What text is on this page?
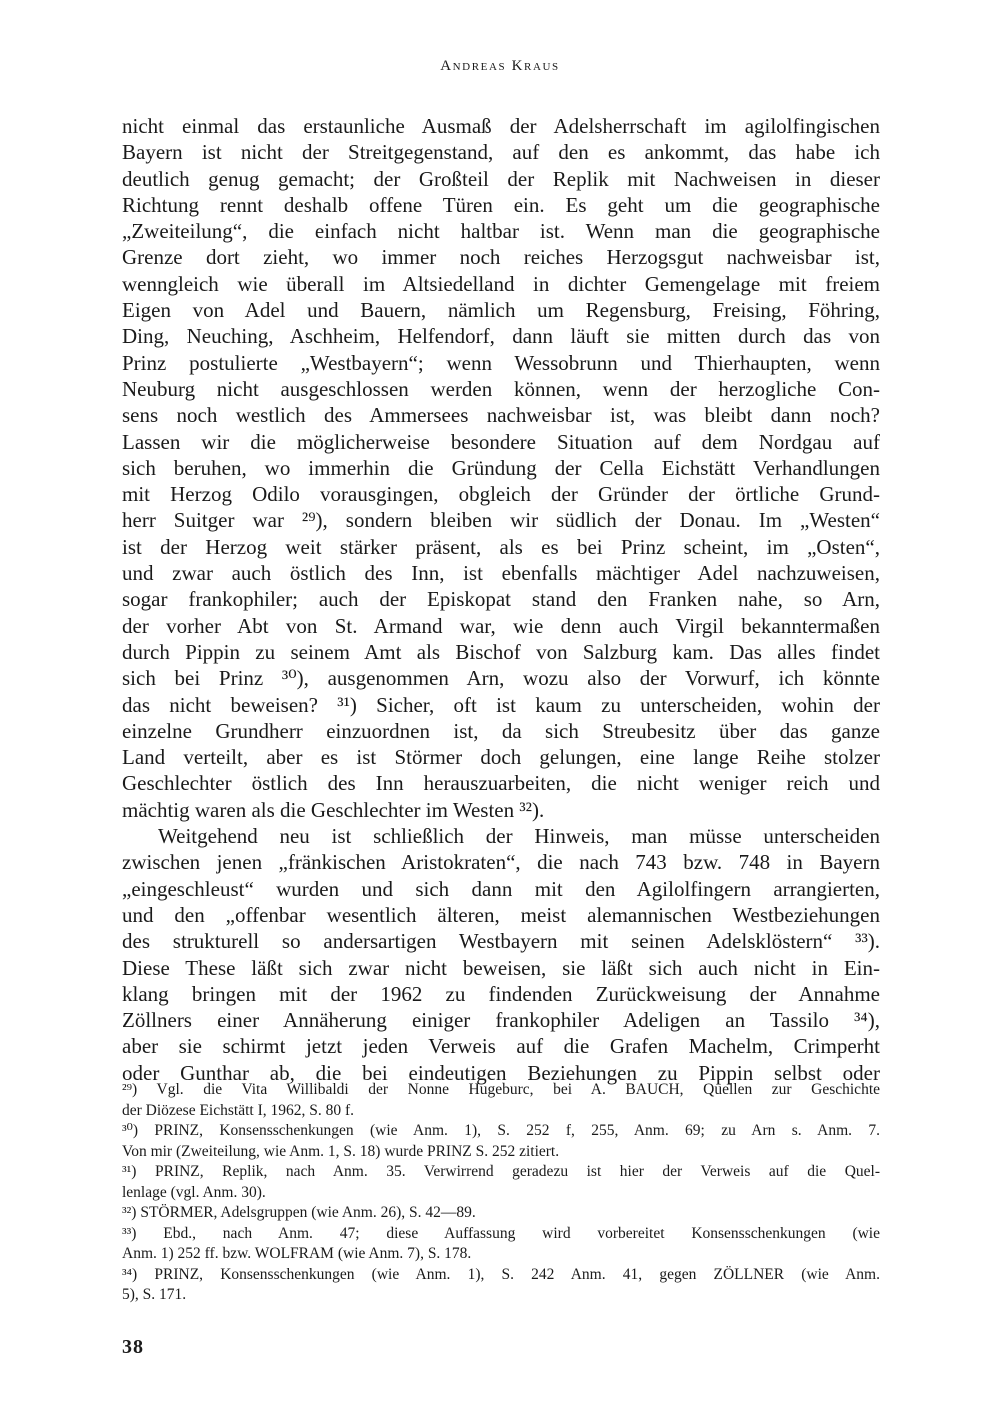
Andreas Kraus
nicht einmal das erstaunliche Ausmaß der Adelsherrschaft im agilolfingischen
Bayern ist nicht der Streitgegenstand, auf den es ankommt, das habe ich
deutlich genug gemacht; der Großteil der Replik mit Nachweisen in dieser
Richtung rennt deshalb offene Türen ein. Es geht um die geographische
„Zweiteilung“, die einfach nicht haltbar ist. Wenn man die geographische
Grenze dort zieht, wo immer noch reiches Herzogsgut nachweisbar ist,
wenngleich wie überall im Altsiedelland in dichter Gemengelage mit freiem
Eigen von Adel und Bauern, nämlich um Regensburg, Freising, Föhring,
Ding, Neuching, Aschheim, Helfendorf, dann läuft sie mitten durch das von
Prinz postulierte „Westbayern“; wenn Wessobrunn und Thierhaupten, wenn
Neuburg nicht ausgeschlossen werden können, wenn der herzogliche Con-
sens noch westlich des Ammersees nachweisbar ist, was bleibt dann noch?
Lassen wir die möglicherweise besondere Situation auf dem Nordgau auf
sich beruhen, wo immerhin die Gründung der Cella Eichstätt Verhandlungen
mit Herzog Odilo vorausgingen, obgleich der Gründer der örtliche Grund-
herr Suitger war ²⁹), sondern bleiben wir südlich der Donau. Im „Westen“
ist der Herzog weit stärker präsent, als es bei Prinz scheint, im „Osten“,
und zwar auch östlich des Inn, ist ebenfalls mächtiger Adel nachzuweisen,
sogar frankophiler; auch der Episkopat stand den Franken nahe, so Arn,
der vorher Abt von St. Armand war, wie denn auch Virgil bekanntermaßen
durch Pippin zu seinem Amt als Bischof von Salzburg kam. Das alles findet
sich bei Prinz ³⁰), ausgenommen Arn, wozu also der Vorwurf, ich könnte
das nicht beweisen? ³¹) Sicher, oft ist kaum zu unterscheiden, wohin der
einzelne Grundherr einzuordnen ist, da sich Streubesitz über das ganze
Land verteilt, aber es ist Störmer doch gelungen, eine lange Reihe stolzer
Geschlechter östlich des Inn herauszuarbeiten, die nicht weniger reich und
mächtig waren als die Geschlechter im Westen ³²).
Weitgehend neu ist schließlich der Hinweis, man müsse unterscheiden
zwischen jenen „fränkischen Aristokraten“, die nach 743 bzw. 748 in Bayern
„eingeschleust“ wurden und sich dann mit den Agilolfingern arrangierten,
und den „offenbar wesentlich älteren, meist alemannischen Westbeziehungen
des strukturell so andersartigen Westbayern mit seinen Adelsklöstern“ ³³).
Diese These läßt sich zwar nicht beweisen, sie läßt sich auch nicht in Ein-
klang bringen mit der 1962 zu findenden Zurückweisung der Annahme
Zöllners einer Annäherung einiger frankophiler Adeligen an Tassilo ³⁴),
aber sie schirmt jetzt jeden Verweis auf die Grafen Machelm, Crimperht
oder Gunthar ab, die bei eindeutigen Beziehungen zu Pippin selbst oder
²⁹) Vgl. die Vita Willibaldi der Nonne Hugeburc, bei A. BAUCH, Quellen zur Geschichte
der Diözese Eichstätt I, 1962, S. 80 f.
³⁰) PRINZ, Konsensschenkungen (wie Anm. 1), S. 252 f, 255, Anm. 69; zu Arn s. Anm. 7.
Von mir (Zweiteilung, wie Anm. 1, S. 18) wurde PRINZ S. 252 zitiert.
³¹) PRINZ, Replik, nach Anm. 35. Verwirrend geradezu ist hier der Verweis auf die Quel-
lenlage (vgl. Anm. 30).
³²) STÖRMER, Adelsgruppen (wie Anm. 26), S. 42—89.
³³) Ebd., nach Anm. 47; diese Auffassung wird vorbereitet Konsensschenkungen (wie
Anm. 1) 252 ff. bzw. WOLFRAM (wie Anm. 7), S. 178.
³⁴) PRINZ, Konsensschenkungen (wie Anm. 1), S. 242 Anm. 41, gegen ZÖLLNER (wie Anm.
5), S. 171.
38
